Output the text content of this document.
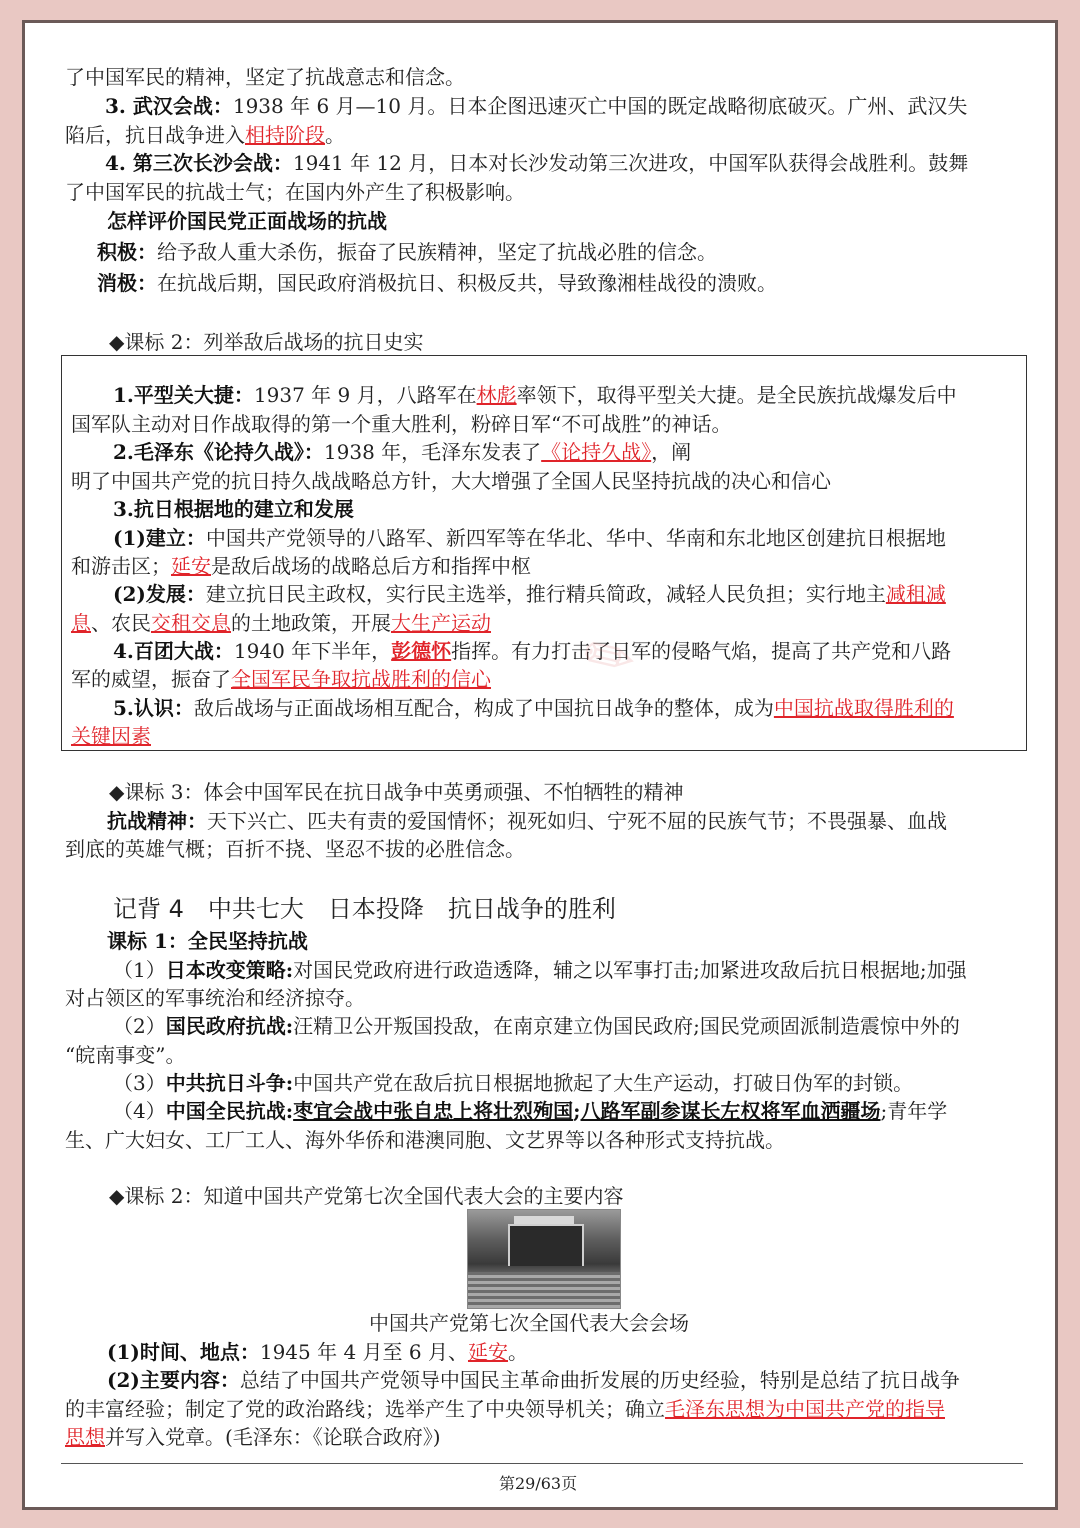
了中国军民的精神，坚定了抗战意志和信念。
3. 武汉会战：1938 年 6 月—10 月。日本企图迅速灭亡中国的既定战略彻底破灭。广州、武汉失
陷后，抗日战争进入相持阶段。
4. 第三次长沙会战：1941 年 12 月，日本对长沙发动第三次进攻，中国军队获得会战胜利。鼓舞
了中国军民的抗战士气；在国内外产生了积极影响。
怎样评价国民党正面战场的抗战
积极：给予敌人重大杀伤，振奋了民族精神，坚定了抗战必胜的信念。
消极：在抗战后期，国民政府消极抗日、积极反共，导致豫湘桂战役的溃败。
◆课标 2：列举敌后战场的抗日史实
1.平型关大捷：1937 年 9 月，八路军在林彪率领下，取得平型关大捷。是全民族抗战爆发后中
国军队主动对日作战取得的第一个重大胜利，粉碎日军“不可战胜”的神话。
2.毛泽东《论持久战》：1938 年，毛泽东发表了《论持久战》，阐
明了中国共产党的抗日持久战战略总方针，大大增强了全国人民坚持抗战的决心和信心
3.抗日根据地的建立和发展
(1)建立：中国共产党领导的八路军、新四军等在华北、华中、华南和东北地区创建抗日根据地
和游击区；延安是敌后战场的战略总后方和指挥中枢
(2)发展：建立抗日民主政权，实行民主选举，推行精兵简政，减轻人民负担；实行地主减租减
息、农民交租交息的土地政策，开展大生产运动
4.百团大战：1940 年下半年，彭德怀指挥。有力打击了日军的侵略气焰，提高了共产党和八路
军的威望，振奋了全国军民争取抗战胜利的信心
5.认识：敌后战场与正面战场相互配合，构成了中国抗日战争的整体，成为中国抗战取得胜利的
关键因素
◆课标 3：体会中国军民在抗日战争中英勇顽强、不怕牺牲的精神
抗战精神：天下兴亡、匹夫有责的爱国情怀；视死如归、宁死不屈的民族气节；不畏强暴、血战
到底的英雄气概；百折不挠、坚忍不拔的必胜信念。
记背 4　中共七大　日本投降　抗日战争的胜利
课标 1：全民坚持抗战
（1）日本改变策略:对国民党政府进行政造透降，辅之以军事打击;加紧进攻敌后抗日根据地;加强
对占领区的军事统治和经济掠夺。
（2）国民政府抗战:汪精卫公开叛国投敌，在南京建立伪国民政府;国民党顽固派制造震惊中外的
“皖南事变”。
（3）中共抗日斗争:中国共产党在敌后抗日根据地掀起了大生产运动，打破日伪军的封锁。
（4）中国全民抗战:枣宜会战中张自忠上将壮烈殉国;八路军副参谋长左权将军血洒疆场;青年学
生、广大妇女、工厂工人、海外华侨和港澳同胞、文艺界等以各种形式支持抗战。
◆课标 2：知道中国共产党第七次全国代表大会的主要内容
中国共产党第七次全国代表大会会场
(1)时间、地点：1945 年 4 月至 6 月、延安。
(2)主要内容：总结了中国共产党领导中国民主革命曲折发展的历史经验，特别是总结了抗日战争
的丰富经验；制定了党的政治路线；选举产生了中央领导机关；确立毛泽东思想为中国共产党的指导
思想并写入党章。(毛泽东：《论联合政府》)
第29/63页
✎
